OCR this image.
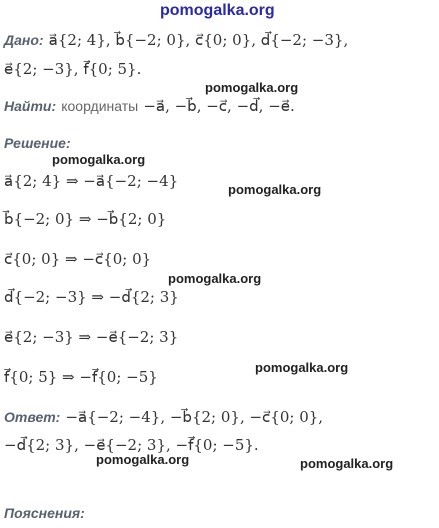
pomogalka.org
Дано: a⃗{2; 4}, b⃗{−2; 0}, c⃗{0; 0}, d⃗{−2; −3},
e⃗{2; −3}, f⃗{0; 5}.
pomogalka.org
Найти: координаты −a⃗, −b⃗, −c⃗, −d⃗, −e⃗.
Решение:
pomogalka.org
a⃗{2; 4} ⇒ −a⃗{−2; −4}	pomogalka.org
b⃗{−2; 0} ⇒ −b⃗{2; 0}
c⃗{0; 0} ⇒ −c⃗{0; 0}
pomogalka.org
d⃗{−2; −3} ⇒ −d⃗{2; 3}
e⃗{2; −3} ⇒ −e⃗{−2; 3}
pomogalka.org
f⃗{0; 5} ⇒ −f⃗{0; −5}
Ответ: −a⃗{−2; −4}, −b⃗{2; 0}, −c⃗{0; 0},
−d⃗{2; 3}, −e⃗{−2; 3}, −f⃗{0; −5}.
pomogalka.org	pomogalka.org
Пояснения:
